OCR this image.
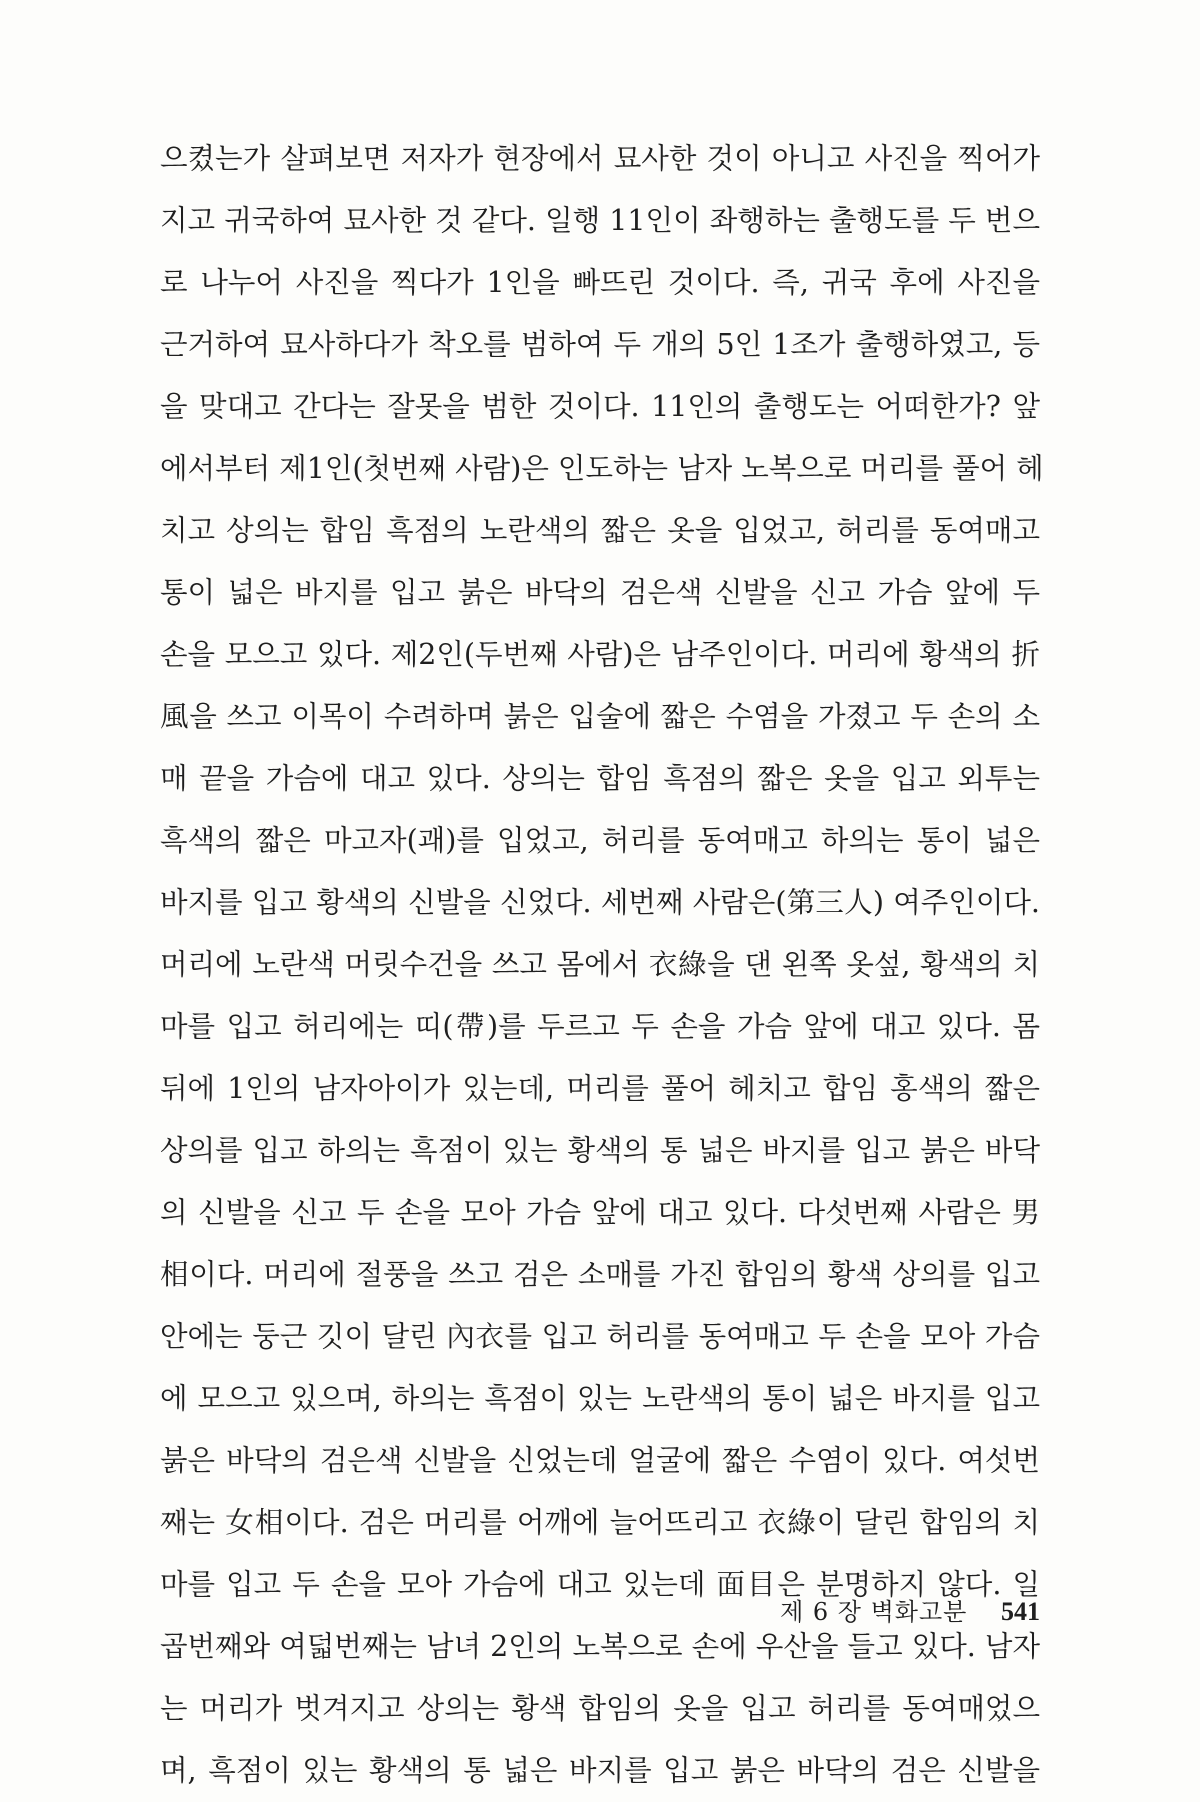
으켰는가 살펴보면 저자가 현장에서 묘사한 것이 아니고 사진을 찍어가
지고 귀국하여 묘사한 것 같다. 일행 11인이 좌행하는 출행도를 두 번으
로 나누어 사진을 찍다가 1인을 빠뜨린 것이다. 즉, 귀국 후에 사진을
근거하여 묘사하다가 착오를 범하여 두 개의 5인 1조가 출행하였고, 등
을 맞대고 간다는 잘못을 범한 것이다. 11인의 출행도는 어떠한가? 앞
에서부터 제1인(첫번째 사람)은 인도하는 남자 노복으로 머리를 풀어 헤
치고 상의는 합임 흑점의 노란색의 짧은 옷을 입었고, 허리를 동여매고
통이 넓은 바지를 입고 붉은 바닥의 검은색 신발을 신고 가슴 앞에 두
손을 모으고 있다. 제2인(두번째 사람)은 남주인이다. 머리에 황색의 折
風을 쓰고 이목이 수려하며 붉은 입술에 짧은 수염을 가졌고 두 손의 소
매 끝을 가슴에 대고 있다. 상의는 합임 흑점의 짧은 옷을 입고 외투는
흑색의 짧은 마고자(괘)를 입었고, 허리를 동여매고 하의는 통이 넓은
바지를 입고 황색의 신발을 신었다. 세번째 사람은(第三人) 여주인이다.
머리에 노란색 머릿수건을 쓰고 몸에서 衣綠을 댄 왼쪽 옷섶, 황색의 치
마를 입고 허리에는 띠(帶)를 두르고 두 손을 가슴 앞에 대고 있다. 몸
뒤에 1인의 남자아이가 있는데, 머리를 풀어 헤치고 합임 홍색의 짧은
상의를 입고 하의는 흑점이 있는 황색의 통 넓은 바지를 입고 붉은 바닥
의 신발을 신고 두 손을 모아 가슴 앞에 대고 있다. 다섯번째 사람은 男
相이다. 머리에 절풍을 쓰고 검은 소매를 가진 합임의 황색 상의를 입고
안에는 둥근 깃이 달린 內衣를 입고 허리를 동여매고 두 손을 모아 가슴
에 모으고 있으며, 하의는 흑점이 있는 노란색의 통이 넓은 바지를 입고
붉은 바닥의 검은색 신발을 신었는데 얼굴에 짧은 수염이 있다. 여섯번
째는 女相이다. 검은 머리를 어깨에 늘어뜨리고 衣綠이 달린 합임의 치
마를 입고 두 손을 모아 가슴에 대고 있는데 面目은 분명하지 않다. 일
곱번째와 여덟번째는 남녀 2인의 노복으로 손에 우산을 들고 있다. 남자
는 머리가 벗겨지고 상의는 황색 합임의 옷을 입고 허리를 동여매었으
며, 흑점이 있는 황색의 통 넓은 바지를 입고 붉은 바닥의 검은 신발을
제 6 장 벽화고분 541
